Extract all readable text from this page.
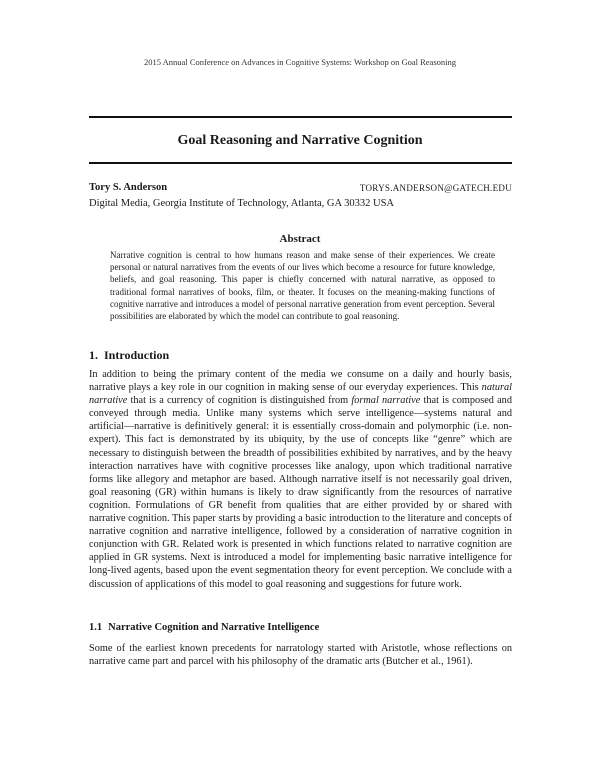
2015 Annual Conference on Advances in Cognitive Systems: Workshop on Goal Reasoning
Goal Reasoning and Narrative Cognition
Tory S. Anderson	TORYS.ANDERSON@GATECH.EDU
Digital Media, Georgia Institute of Technology, Atlanta, GA 30332 USA
Abstract
Narrative cognition is central to how humans reason and make sense of their experiences. We create personal or natural narratives from the events of our lives which become a resource for future knowledge, beliefs, and goal reasoning. This paper is chiefly concerned with natural narrative, as opposed to traditional formal narratives of books, film, or theater. It focuses on the meaning-making functions of cognitive narrative and introduces a model of personal narrative generation from event perception. Several possibilities are elaborated by which the model can contribute to goal reasoning.
1. Introduction
In addition to being the primary content of the media we consume on a daily and hourly basis, narrative plays a key role in our cognition in making sense of our everyday experiences. This natural narrative that is a currency of cognition is distinguished from formal narrative that is composed and conveyed through media. Unlike many systems which serve intelligence—systems natural and artificial—narrative is definitively general: it is essentially cross-domain and polymorphic (i.e. non-expert). This fact is demonstrated by its ubiquity, by the use of concepts like “genre” which are necessary to distinguish between the breadth of possibilities exhibited by narratives, and by the heavy interaction narratives have with cognitive processes like analogy, upon which traditional narrative forms like allegory and metaphor are based. Although narrative itself is not necessarily goal driven, goal reasoning (GR) within humans is likely to draw significantly from the resources of narrative cognition. Formulations of GR benefit from qualities that are either provided by or shared with narrative cognition. This paper starts by providing a basic introduction to the literature and concepts of narrative cognition and narrative intelligence, followed by a consideration of narrative cognition in conjunction with GR. Related work is presented in which functions related to narrative cognition are applied in GR systems. Next is introduced a model for implementing basic narrative intelligence for long-lived agents, based upon the event segmentation theory for event perception. We conclude with a discussion of applications of this model to goal reasoning and suggestions for future work.
1.1 Narrative Cognition and Narrative Intelligence
Some of the earliest known precedents for narratology started with Aristotle, whose reflections on narrative came part and parcel with his philosophy of the dramatic arts (Butcher et al., 1961).
